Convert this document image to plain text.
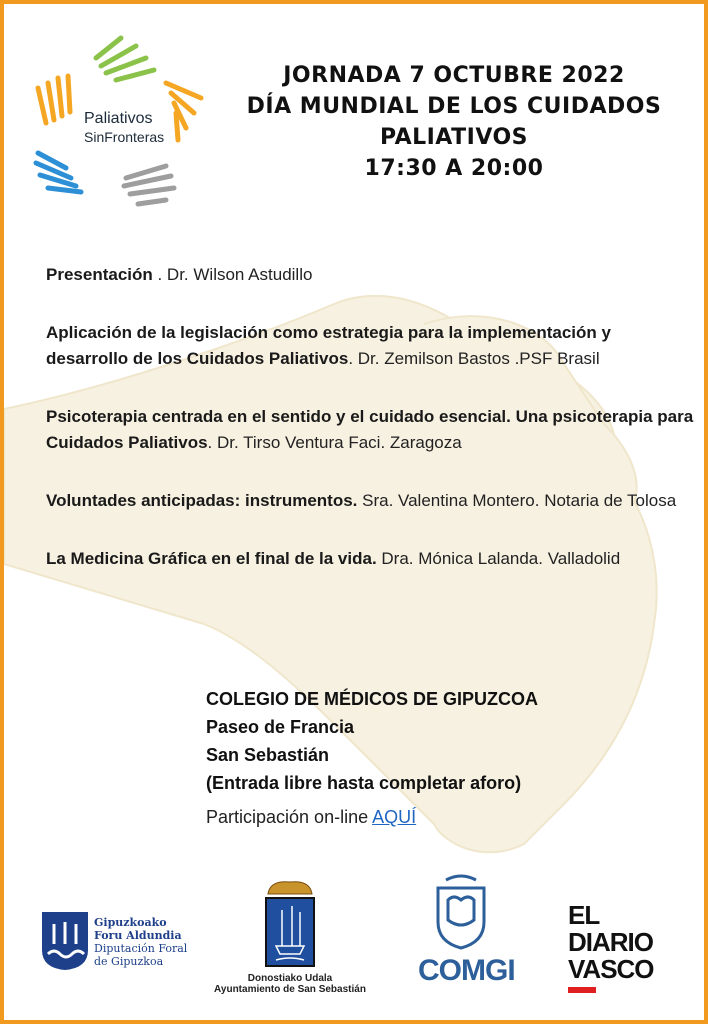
Paliativos
SinFronteras
JORNADA 7 OCTUBRE 2022
DÍA MUNDIAL DE LOS CUIDADOS PALIATIVOS
17:30 A 20:00
Presentación . Dr. Wilson Astudillo
Aplicación de la legislación como estrategia para la implementación y desarrollo de los Cuidados Paliativos. Dr. Zemilson Bastos .PSF Brasil
Psicoterapia centrada en el sentido y el cuidado esencial. Una psicoterapia para Cuidados Paliativos. Dr. Tirso Ventura Faci. Zaragoza
Voluntades anticipadas: instrumentos. Sra. Valentina Montero. Notaria de Tolosa
La Medicina Gráfica en el final de la vida. Dra. Mónica Lalanda. Valladolid
COLEGIO DE MÉDICOS DE GIPUZCOA
Paseo de Francia
San Sebastián
(Entrada libre hasta completar aforo)
Participación on-line AQUÍ
Gipuzkoako
Foru Aldundia
Diputación Foral
de Gipuzkoa
Donostiako Udala
Ayuntamiento de San Sebastián
COMGI
EL
DIARIO
VASCO
